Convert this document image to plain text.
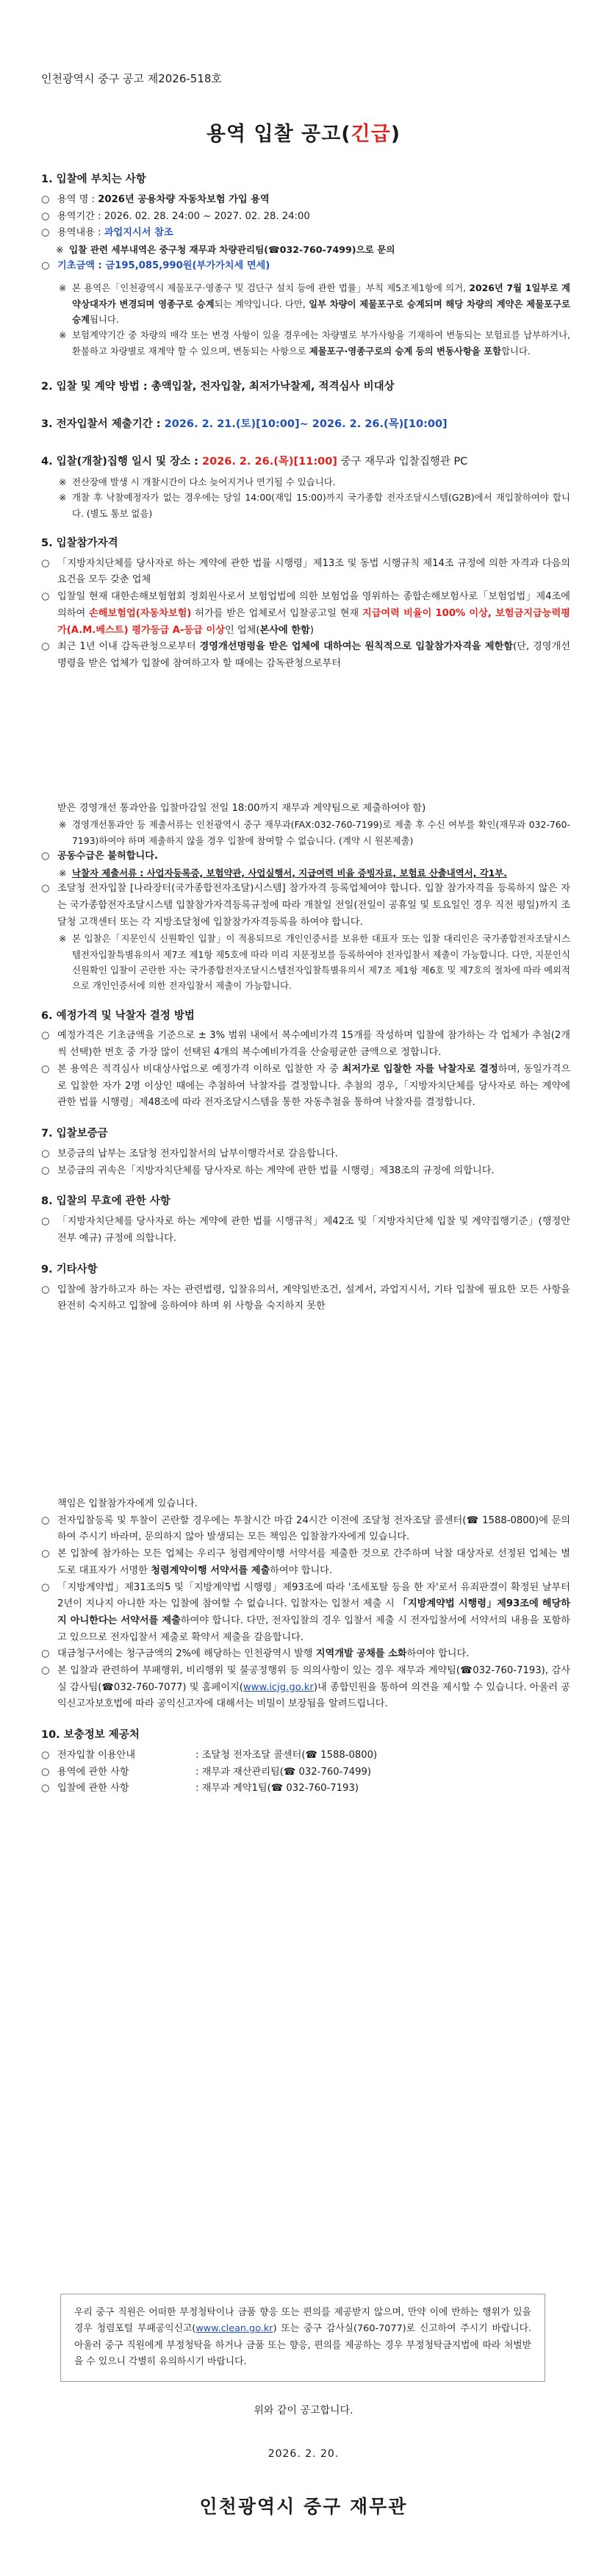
인천광역시 중구 공고 제2026-518호
용역 입찰 공고(긴급)
1. 입찰에 부치는 사항
○ 용역 명 : 2026년 공용차량 자동차보험 가입 용역
○ 용역기간 : 2026. 02. 28. 24:00 ~ 2027. 02. 28. 24:00
○ 용역내용 : 과업지시서 참조
※ 입찰 관련 세부내역은 중구청 재무과 차량관리팀(☎032-760-7499)으로 문의
○ 기초금액 : 금195,085,990원(부가가치세 면세)
※ 본 용역은「인천광역시 제물포구·영종구 및 검단구 설치 등에 관한 법률」부칙 제5조제1항에 의거, 2026년 7월 1일부로 계약상대자가 변경되며 영종구로 승계되는 계약입니다. 다만, 일부 차량이 제물포구로 승계되며 해당 차량의 계약은 제물포구로 승계됩니다.
※ 보험계약기간 중 차량의 매각 또는 변경 사항이 있을 경우에는 차량별로 부가사항을 기재하여 변동되는 보험료를 납부하거나, 환불하고 차량별로 재계약 할 수 있으며, 변동되는 사항으로 제물포구·영종구로의 승계 등의 변동사항을 포함합니다.
2. 입찰 및 계약 방법 : 총액입찰, 전자입찰, 최저가낙찰제, 적격심사 비대상
3. 전자입찰서 제출기간 : 2026. 2. 21.(토)[10:00]~ 2026. 2. 26.(목)[10:00]
4. 입찰(개찰)집행 일시 및 장소 : 2026. 2. 26.(목)[11:00] 중구 재무과 입찰집행관 PC
※ 전산장애 발생 시 개찰시간이 다소 늦어지거나 연기될 수 있습니다.
※ 개찰 후 낙찰예정자가 없는 경우에는 당일 14:00(재입 15:00)까지 국가종합 전자조달시스템(G2B)에서 재입찰하여야 합니다. (별도 통보 없음)
5. 입찰참가자격
○ 「지방자치단체를 당사자로 하는 계약에 관한 법률 시행령」제13조 및 동법 시행규칙 제14조 규정에 의한 자격과 다음의 요건을 모두 갖춘 업체
○ 입찰일 현재 대한손해보험협회 정회원사로서 보험업법에 의한 보험업을 영위하는 종합손해보험사로「보험업법」제4조에 의하여 손해보험업(자동차보험) 허가를 받은 업체로서 입찰공고일 현재 지급여력 비율이 100% 이상, 보험금지급능력평가(A.M.베스트) 평가등급 A-등급 이상인 업체(본사에 한함)
○ 최근 1년 이내 감독관청으로부터 경영개선명령을 받은 업체에 대하여는 원칙적으로 입찰참가자격을 제한함(단, 경영개선명령을 받은 업체가 입찰에 참여하고자 할 때에는 감독관청으로부터
받은 경영개선 통과안을 입찰마감일 전일 18:00까지 재무과 계약팀으로 제출하여야 함)
※ 경영개선통과안 등 제출서류는 인천광역시 중구 재무과(FAX:032-760-7199)로 제출 후 수신 여부를 확인(재무과 032-760-7193)하여야 하며 제출하지 않을 경우 입찰에 참여할 수 없습니다. (계약 시 원본제출)
○ 공동수급은 불허합니다.
※ 낙찰자 제출서류 : 사업자등록증, 보험약관, 사업실행서, 지급여력 비율 증빙자료, 보험료 산출내역서, 각1부.
○ 조달청 전자입찰 [나라장터(국가종합전자조달)시스템] 참가자격 등록업체여야 합니다. 입찰 참가자격을 등록하지 않은 자는 국가종합전자조달시스템 입찰참가자격등록규정에 따라 개찰일 전일(전일이 공휴일 및 토요일인 경우 직전 평일)까지 조달청 고객센터 또는 각 지방조달청에 입찰참가자격등록을 하여야 합니다.
※ 본 입찰은「지문인식 신원확인 입찰」이 적용되므로 개인인증서를 보유한 대표자 또는 입찰 대리인은 국가종합전자조달시스템전자입찰특별유의서 제7조 제1항 제5호에 따라 미리 지문정보를 등록하여야 전자입찰서 제출이 가능합니다. 다만, 지문인식 신원확인 입찰이 곤란한 자는 국가종합전자조달시스템전자입찰특별유의서 제7조 제1항 제6호 및 제7호의 절차에 따라 예외적으로 개인인증서에 의한 전자입찰서 제출이 가능합니다.
6. 예정가격 및 낙찰자 결정 방법
○ 예정가격은 기초금액을 기준으로 ± 3% 범위 내에서 복수예비가격 15개를 작성하며 입찰에 참가하는 각 업체가 추첨(2개씩 선택)한 번호 중 가장 많이 선택된 4개의 복수예비가격을 산술평균한 금액으로 정합니다.
○ 본 용역은 적격심사 비대상사업으로 예정가격 이하로 입찰한 자 중 최저가로 입찰한 자를 낙찰자로 결정하며, 동일가격으로 입찰한 자가 2명 이상인 때에는 추첨하여 낙찰자를 결정합니다. 추첨의 경우,「지방자치단체를 당사자로 하는 계약에 관한 법률 시행령」제48조에 따라 전자조달시스템을 통한 자동추첨을 통하여 낙찰자를 결정합니다.
7. 입찰보증금
○ 보증금의 납부는 조달청 전자입찰서의 납부이행각서로 갈음합니다.
○ 보증금의 귀속은「지방자치단체를 당사자로 하는 계약에 관한 법률 시행령」제38조의 규정에 의합니다.
8. 입찰의 무효에 관한 사항
○ 「지방자치단체를 당사자로 하는 계약에 관한 법률 시행규칙」제42조 및「지방자치단체 입찰 및 계약집행기준」(행정안전부 예규) 규정에 의합니다.
9. 기타사항
○ 입찰에 참가하고자 하는 자는 관련법령, 입찰유의서, 계약일반조건, 설계서, 과업지시서, 기타 입찰에 필요한 모든 사항을 완전히 숙지하고 입찰에 응하여야 하며 위 사항을 숙지하지 못한
책임은 입찰참가자에게 있습니다.
○ 전자입찰등록 및 투찰이 곤란할 경우에는 투찰시간 마감 24시간 이전에 조달청 전자조달 콜센터(☎ 1588-0800)에 문의하여 주시기 바라며, 문의하지 않아 발생되는 모든 책임은 입찰참가자에게 있습니다.
○ 본 입찰에 참가하는 모든 업체는 우리구 청렴계약이행 서약서를 제출한 것으로 간주하며 낙찰 대상자로 선정된 업체는 별도로 대표자가 서명한 청렴계약이행 서약서를 제출하여야 합니다.
○ 「지방계약법」제31조의5 및「지방계약법 시행령」제93조에 따라 '조세포탈 등을 한 자'로서 유죄판결이 확정된 날부터 2년이 지나지 아니한 자는 입찰에 참여할 수 없습니다. 입찰자는 입찰서 제출 시 「지방계약법 시행령」제93조에 해당하지 아니한다는 서약서를 제출하여야 합니다. 다만, 전자입찰의 경우 입찰서 제출 시 전자입찰서에 서약서의 내용을 포함하고 있으므로 전자입찰서 제출로 확약서 제출을 갈음합니다.
○ 대금청구서에는 청구금액의 2%에 해당하는 인천광역시 발행 지역개발 공채를 소화하여야 합니다.
○ 본 입찰과 관련하여 부패행위, 비리행위 및 불공정행위 등 의의사항이 있는 경우 재무과 계약팀(☎032-760-7193), 감사실 감사팀(☎032-760-7077) 및 홈페이지(www.icjg.go.kr)내 종합민원을 통하여 의견을 제시할 수 있습니다. 아울러 공익신고자보호법에 따라 공익신고자에 대해서는 비밀이 보장됨을 알려드립니다.
10. 보충정보 제공처
○ 전자입찰 이용안내	: 조달청 전자조달 콜센터(☎ 1588-0800)
○ 용역에 관한 사항	: 재무과 재산관리팀(☎ 032-760-7499)
○ 입찰에 관한 사항	: 재무과 계약1팀(☎ 032-760-7193)
우리 중구 직원은 어떠한 부정청탁이나 금품 향응 또는 편의를 제공받지 않으며, 만약 이에 반하는 행위가 있을 경우 청렴포털 부패공익신고(www.clean.go.kr) 또는 중구 감사실(760-7077)로 신고하여 주시기 바랍니다. 아울러 중구 직원에게 부정청탁을 하거나 금품 또는 향응, 편의를 제공하는 경우 부정청탁금지법에 따라 처벌받을 수 있으니 각별히 유의하시기 바랍니다.
위와 같이 공고합니다.
2026. 2. 20.
인천광역시 중구 재무관
